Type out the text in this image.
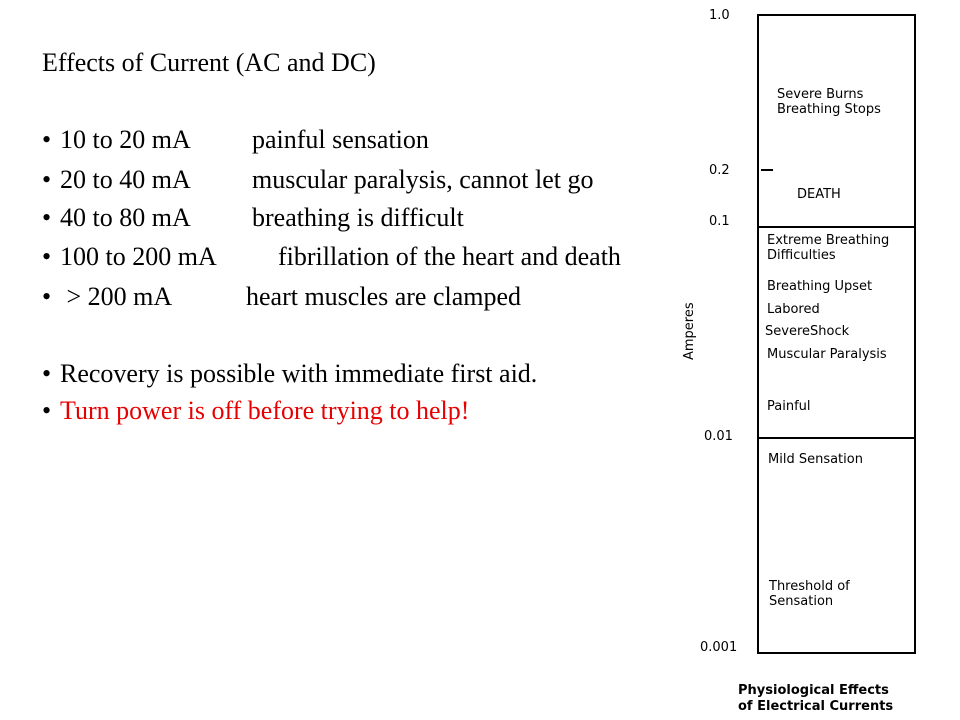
Effects of Current (AC and DC)
• 10 to 20 mA painful sensation
• 20 to 40 mA muscular paralysis, cannot let go
• 40 to 80 mA breathing is difficult
• 100 to 200 mA fibrillation of the heart and death
• > 200 mA	heart muscles are clamped
• Recovery is possible with immediate first aid.
• Turn power is off before trying to help!
1.0
0.2
0.1
0.01
0.001
Amperes
Severe Burns
Breathing Stops
DEATH
Extreme Breathing
Difficulties
Breathing Upset
Labored
SevereShock
Muscular Paralysis
Painful
Mild Sensation
Threshold of
Sensation
Physiological Effects
of Electrical Currents
